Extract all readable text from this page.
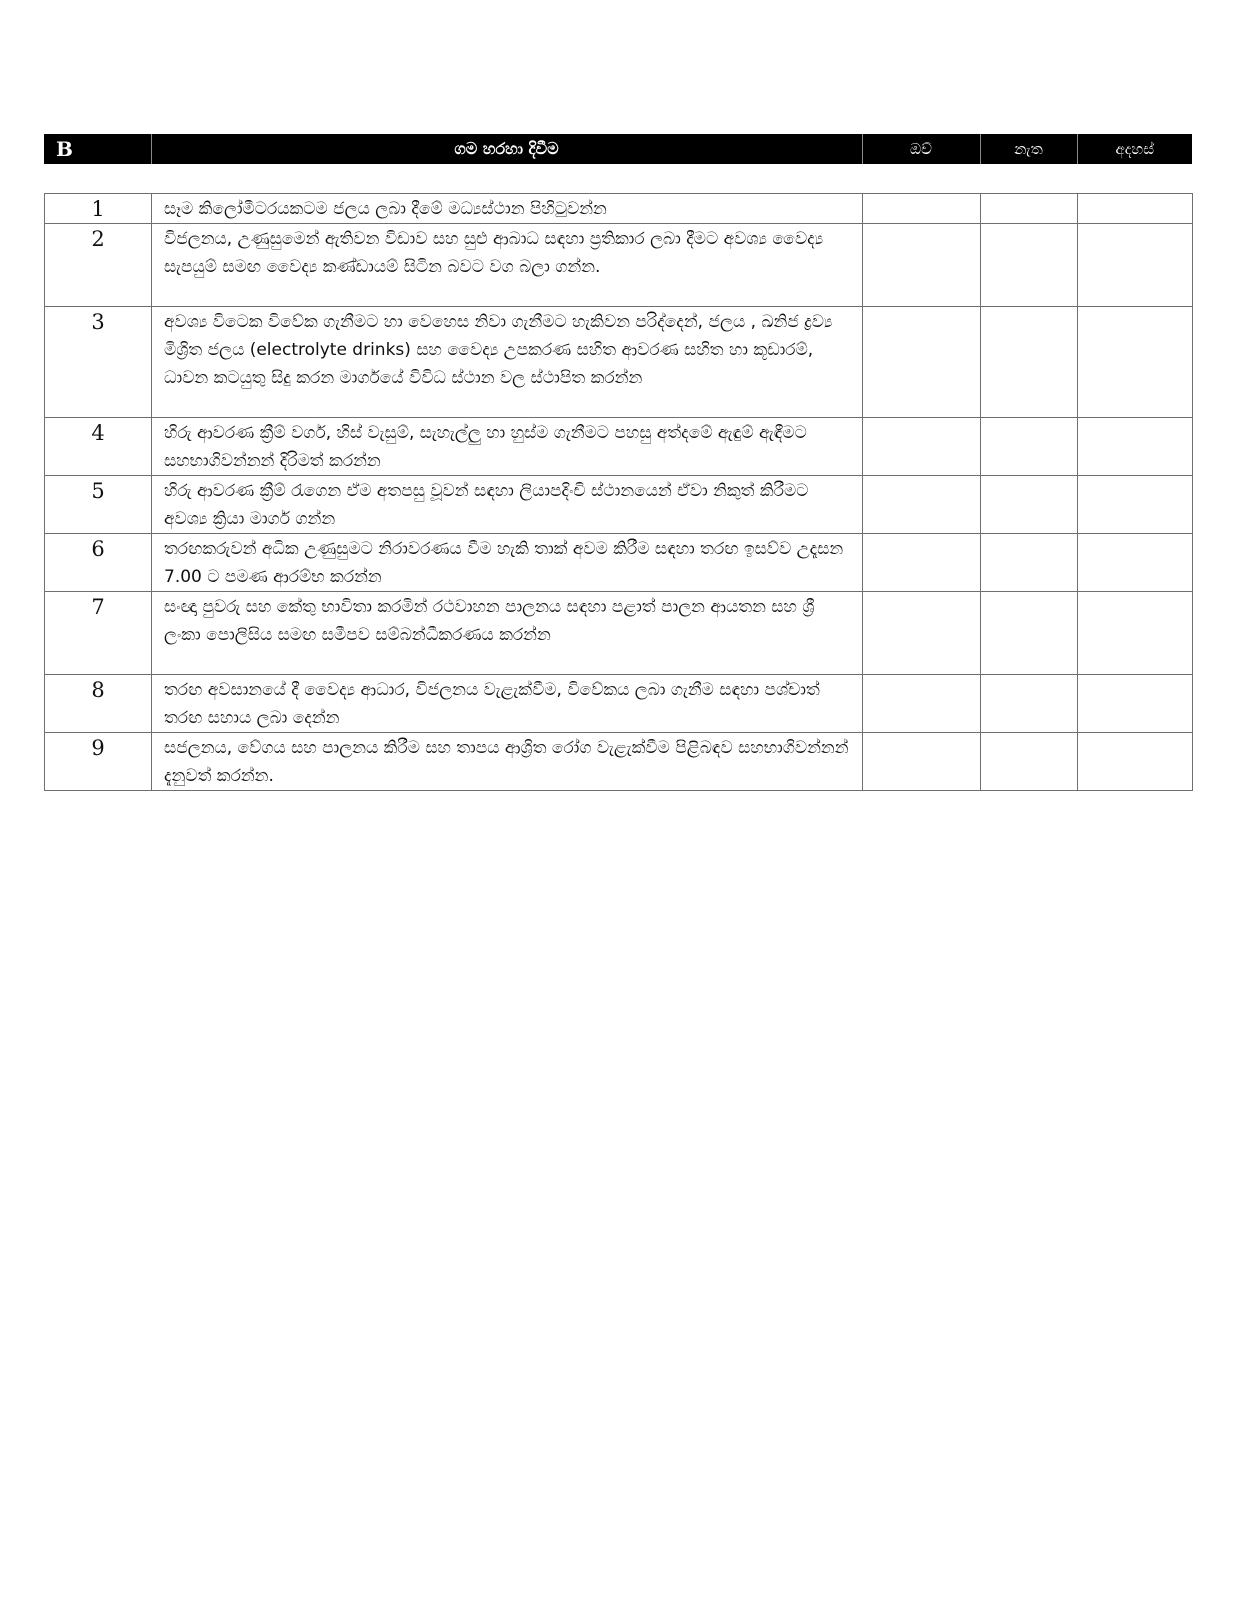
B	ගම හරහා දිවීම	ඔව්	නැත	අදහස්
1	සෑම කිලෝමීටරයකටම ජලය ලබා දීමේ මධ්‍යස්ථාන පිහිටුවන්න			
2	විජලනය, උණුසුමෙන් ඇතිවන විඩාව සහ සුළු ආබාධ සඳහා ප්‍රතිකාර ලබා දීමට අවශ්‍ය වෛද්‍ය සැපයුම් සමඟ වෛද්‍ය කණ්ඩායම් සිටින බවට වග බලා ගන්න.			
3	අවශ්‍ය විටෙක විවේක ගැනීමට හා වෙහෙස නිවා ගැනීමට හැකිවන පරිද්දෙන්, ජලය , ඛනිජ ද්‍රව්‍ය මිශ්‍රිත ජලය (electrolyte drinks) සහ වෛද්‍ය උපකරණ සහිත ආවරණ සහිත හා කූඩාරම්, ධාවන කටයුතු සිදු කරන මාර්ගයේ විවිධ ස්ථාන වල ස්ථාපිත කරන්න			
4	හිරු ආවරණ ක්‍රීම් වර්ග, හිස් වැසුම්, සැහැල්ලු හා හුස්ම ගැනීමට පහසු අත්දමේ ඇඳුම් ඇඳීමට සහභාගිවන්නන් දිරිමත් කරන්න			
5	හිරු ආවරණ ක්‍රීම් රැගෙන ඒම අතපසු වූවන් සඳහා ලියාපදිංචි ස්ථානයෙන් ඒවා නිකුත් කිරීමට අවශ්‍ය ක්‍රියා මාර්ග ගන්න			
6	තරඟකරුවන් අධික උණුසුමට නිරාවරණය වීම හැකි තාක් අවම කිරීම සඳහා තරඟ ඉසව්ව උදෑසන 7.00 ට පමණ ආරම්භ කරන්න			
7	සංඥා පුවරු සහ කේතු භාවිතා කරමින් රථවාහන පාලනය සඳහා පළාත් පාලන ආයතන සහ ශ්‍රී ලංකා පොලිසිය සමඟ සමීපව සම්බන්ධීකරණය කරන්න			
8	තරඟ අවසානයේ දී වෛද්‍ය ආධාර, විජලනය වැළැක්වීම, විවේකය ලබා ගැනීම සඳහා පශ්චාත් තරඟ සහාය ලබා දෙන්න			
9	සජලනය, වේගය සහ පාලනය කිරීම සහ තාපය ආශ්‍රිත රෝග වැළැක්වීම පිළිබඳව සහභාගිවන්නන් දැනුවත් කරන්න.			
